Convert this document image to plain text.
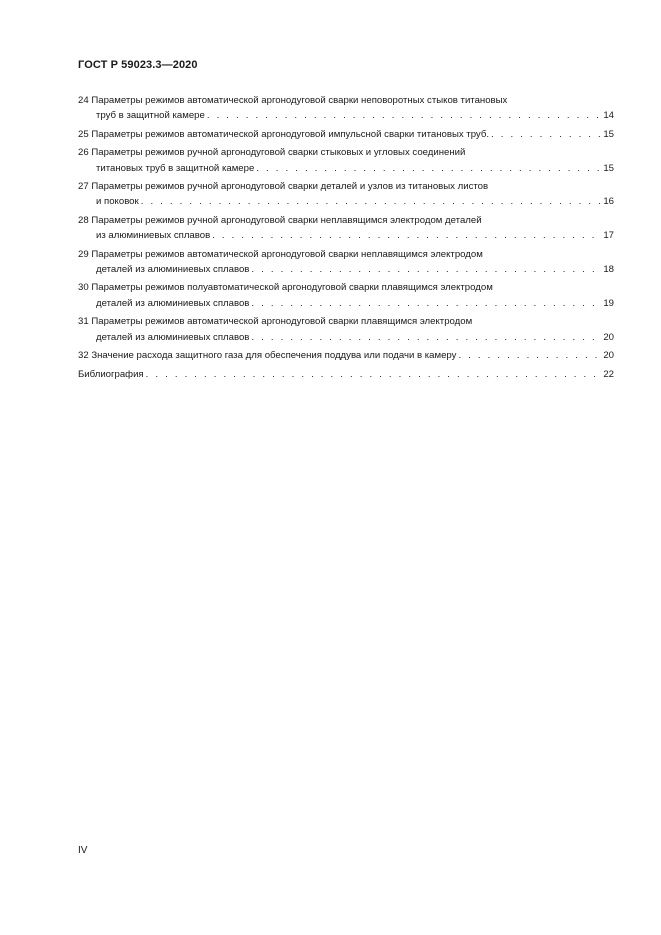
ГОСТ Р 59023.3—2020
24 Параметры режимов автоматической аргонодуговой сварки неповоротных стыков титановых
труб в защитной камере . . .	14
25 Параметры режимов автоматической аргонодуговой импульсной сварки титановых труб. . . .	15
26 Параметры режимов ручной аргонодуговой сварки стыковых и угловых соединений
титановых труб в защитной камере . . .	15
27 Параметры режимов ручной аргонодуговой сварки деталей и узлов из титановых листов
и поковок . . .	16
28 Параметры режимов ручной аргонодуговой сварки неплавящимся электродом деталей
из алюминиевых сплавов . . .	17
29 Параметры режимов автоматической аргонодуговой сварки неплавящимся электродом
деталей из алюминиевых сплавов . . .	18
30 Параметры режимов полуавтоматической аргонодуговой сварки плавящимся электродом
деталей из алюминиевых сплавов . . .	19
31 Параметры режимов автоматической аргонодуговой сварки плавящимся электродом
деталей из алюминиевых сплавов . . .	20
32 Значение расхода защитного газа для обеспечения поддува или подачи в камеру . . .	20
Библиография . . .	22
IV
